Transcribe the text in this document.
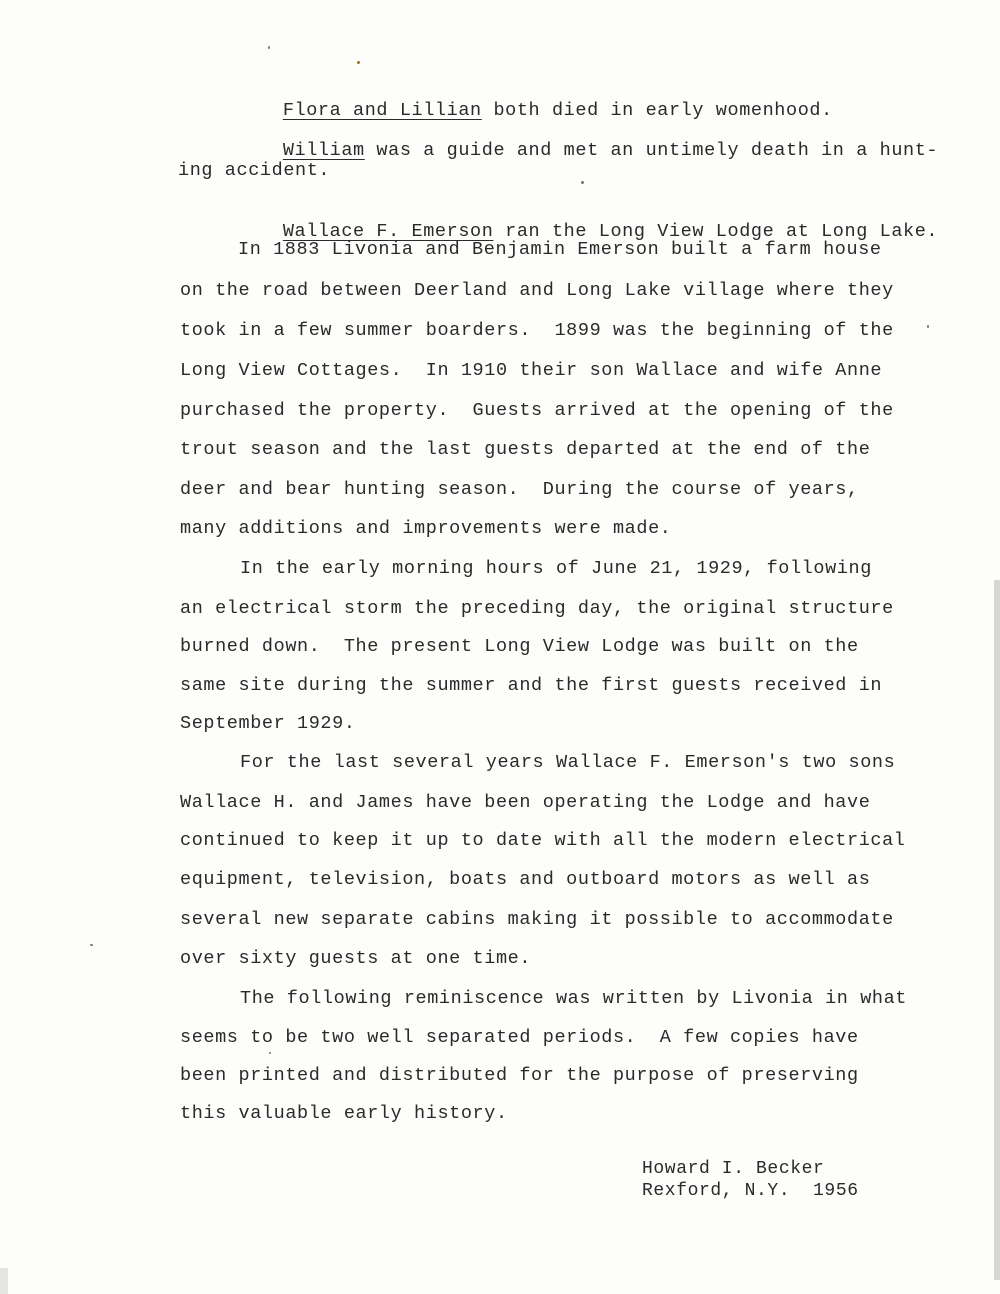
Flora and Lillian both died in early womenhood.

William was a guide and met an untimely death in a hunt-

ing accident.

Wallace F. Emerson ran the Long View Lodge at Long Lake.

In 1883 Livonia and Benjamin Emerson built a farm house
on the road between Deerland and Long Lake village where they
took in a few summer boarders.  1899 was the beginning of the
Long View Cottages.  In 1910 their son Wallace and wife Anne
purchased the property.  Guests arrived at the opening of the
trout season and the last guests departed at the end of the
deer and bear hunting season.  During the course of years,
many additions and improvements were made.
In the early morning hours of June 21, 1929, following
an electrical storm the preceding day, the original structure
burned down.  The present Long View Lodge was built on the
same site during the summer and the first guests received in
September 1929.
For the last several years Wallace F. Emerson's two sons
Wallace H. and James have been operating the Lodge and have
continued to keep it up to date with all the modern electrical
equipment, television, boats and outboard motors as well as
several new separate cabins making it possible to accommodate
over sixty guests at one time.
The following reminiscence was written by Livonia in what
seems to be two well separated periods.  A few copies have
been printed and distributed for the purpose of preserving
this valuable early history.
Howard I. Becker
Rexford, N.Y.  1956
